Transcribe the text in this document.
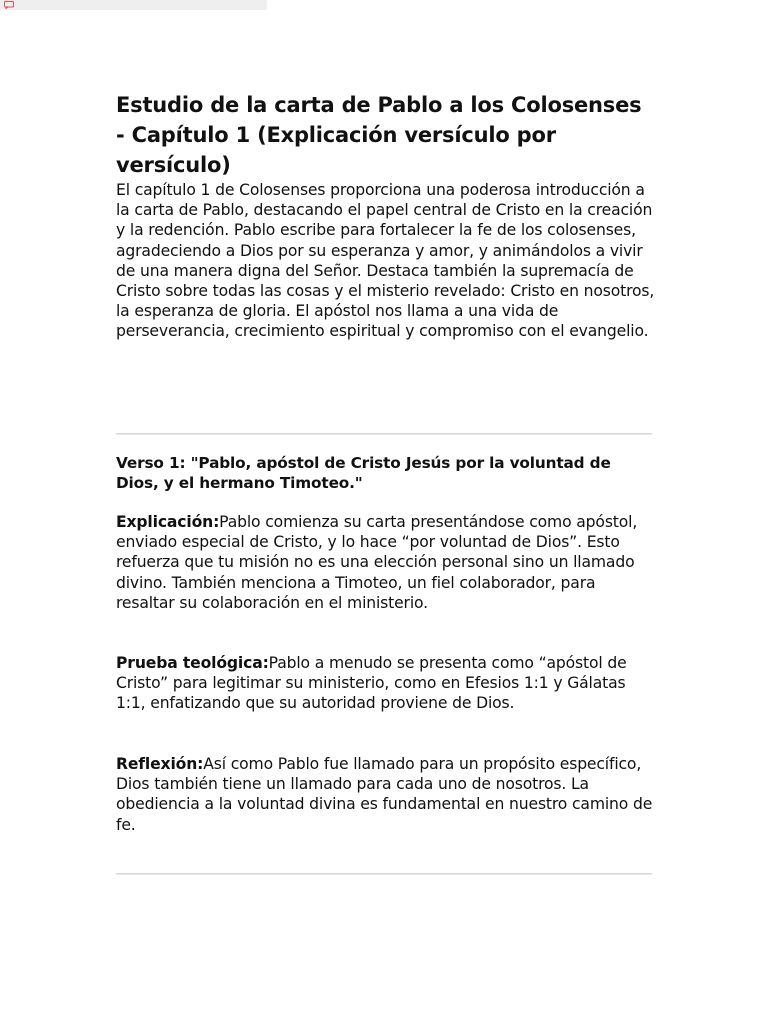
Estudio de la carta de Pablo a los Colosenses - Capítulo 1 (Explicación versículo por versículo)

El capítulo 1 de Colosenses proporciona una poderosa introducción a la carta de Pablo, destacando el papel central de Cristo en la creación y la redención. Pablo escribe para fortalecer la fe de los colosenses, agradeciendo a Dios por su esperanza y amor, y animándolos a vivir de una manera digna del Señor. Destaca también la supremacía de Cristo sobre todas las cosas y el misterio revelado: Cristo en nosotros, la esperanza de gloria. El apóstol nos llama a una vida de perseverancia, crecimiento espiritual y compromiso con el evangelio.

Verso 1: "Pablo, apóstol de Cristo Jesús por la voluntad de Dios, y el hermano Timoteo."

Explicación:Pablo comienza su carta presentándose como apóstol, enviado especial de Cristo, y lo hace “por voluntad de Dios”. Esto refuerza que tu misión no es una elección personal sino un llamado divino. También menciona a Timoteo, un fiel colaborador, para resaltar su colaboración en el ministerio.

Prueba teológica:Pablo a menudo se presenta como “apóstol de Cristo” para legitimar su ministerio, como en Efesios 1:1 y Gálatas 1:1, enfatizando que su autoridad proviene de Dios.

Reflexión:Así como Pablo fue llamado para un propósito específico, Dios también tiene un llamado para cada uno de nosotros. La obediencia a la voluntad divina es fundamental en nuestro camino de fe.
